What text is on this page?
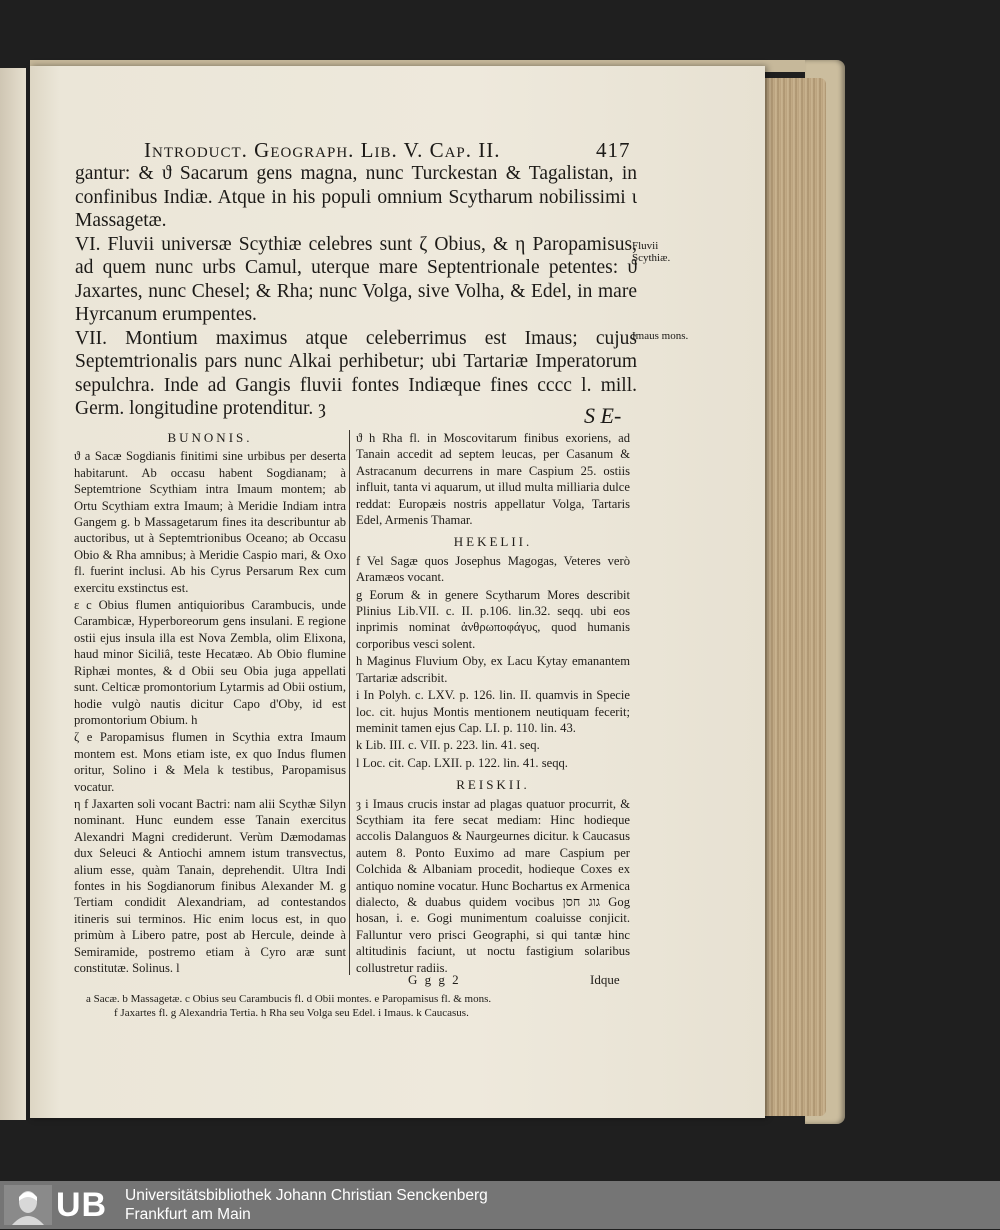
Introduct. Geograph. Lib. V. Cap. II.	417

gantur: & ϑ Sacarum gens magna, nunc Turckestan & Tagalistan, in confinibus Indiæ. Atque in his populi omnium Scytharum nobilissimi ι Massagetæ.

VI. Fluvii universæ Scythiæ celebres sunt ζ Obius, & η Paropamisus, ad quem nunc urbs Camul, uterque mare Septentrionale petentes: ϑ Jaxartes, nunc Chesel; & Rha; nunc Volga, sive Volha, & Edel, in mare Hyrcanum erumpentes.

VII. Montium maximus atque celeberrimus est Imaus; cujus Septemtrionalis pars nunc Alkai perhibetur; ubi Tartariæ Imperatorum sepulchra. Inde ad Gangis fluvii fontes Indiæque fines cccc l. mill. Germ. longitudine protenditur. ȝ	S E-
Fluvii Scythiæ.
Imaus mons.

BUNONIS.

ϑ a Sacæ Sogdianis finitimi sine urbibus per deserta habitarunt. Ab occasu habent Sogdianam; à Septemtrione Scythiam intra Imaum montem; ab Ortu Scythiam extra Imaum; à Meridie Indiam intra Gangem g. b Massagetarum fines ita describuntur ab auctoribus, ut à Septemtrionibus Oceano; ab Occasu Obio & Rha amnibus; à Meridie Caspio mari, & Oxo fl. fuerint inclusi. Ab his Cyrus Persarum Rex cum exercitu exstinctus est.

ε c Obius flumen antiquioribus Carambucis, unde Carambicæ, Hyperboreorum gens insulani. E regione ostii ejus insula illa est Nova Zembla, olim Elixona, haud minor Siciliâ, teste Hecatæo. Ab Obio flumine Riphæi montes, & d Obii seu Obia juga appellati sunt. Celticæ promontorium Lytarmis ad Obii ostium, hodie vulgò nautis dicitur Capo d'Oby, id est promontorium Obium. h

ζ e Paropamisus flumen in Scythia extra Imaum montem est. Mons etiam iste, ex quo Indus flumen oritur, Solino i & Mela k testibus, Paropamisus vocatur.

η f Jaxarten soli vocant Bactri: nam alii Scythæ Silyn nominant. Hunc eundem esse Tanain exercitus Alexandri Magni crediderunt. Verùm Dæmodamas dux Seleuci & Antiochi amnem istum transvectus, alium esse, quàm Tanain, deprehendit. Ultra Indi fontes in his Sogdianorum finibus Alexander M. g Tertiam condidit Alexandriam, ad contestandos itineris sui terminos. Hic enim locus est, in quo primùm à Libero patre, post ab Hercule, deinde à Semiramide, postremo etiam à Cyro aræ sunt constitutæ. Solinus. l

ϑ h Rha fl. in Moscovitarum finibus exoriens, ad Tanain accedit ad septem leucas, per Casanum & Astracanum decurrens in mare Caspium 25. ostiis influit, tanta vi aquarum, ut illud multa milliaria dulce reddat: Europæis nostris appellatur Volga, Tartaris Edel, Armenis Thamar.

HEKELII.

f Vel Sagæ quos Josephus Magogas, Veteres verò Aramæos vocant.

g Eorum & in genere Scytharum Mores describit Plinius Lib.VII. c. II. p.106. lin.32. seqq. ubi eos inprimis nominat ἀνθρωποφάγυς, quod humanis corporibus vesci solent.

h Maginus Fluvium Oby, ex Lacu Kytay emanantem Tartariæ adscribit.

i In Polyh. c. LXV. p. 126. lin. II. quamvis in Specie loc. cit. hujus Montis mentionem neutiquam fecerit; meminit tamen ejus Cap. LI. p. 110. lin. 43.

k Lib. III. c. VII. p. 223. lin. 41. seq.

l Loc. cit. Cap. LXII. p. 122. lin. 41. seqq.

REISKII.

ȝ i Imaus crucis instar ad plagas quatuor procurrit, & Scythiam ita fere secat mediam: Hinc hodieque accolis Dalanguos & Naurgeurnes dicitur. k Caucasus autem 8. Ponto Euximo ad mare Caspium per Colchida & Albaniam procedit, hodieque Coxes ex antiquo nomine vocatur. Hunc Bochartus ex Armenica dialecto, & duabus quidem vocibus גוג חסן Gog hosan, i. e. Gogi munimentum coaluisse conjicit. Falluntur vero prisci Geographi, si qui tantæ hinc altitudinis faciunt, ut noctu fastigium solaribus collustretur radiis.

G g g 2	Idque
a Sacæ. b Massagetæ. c Obius seu Carambucis fl. d Obii montes. e Paropamisus fl. & mons.
f Jaxartes fl. g Alexandria Tertia. h Rha seu Volga seu Edel. i Imaus. k Caucasus.
UB Universitätsbibliothek Johann Christian Senckenberg
Frankfurt am Main
